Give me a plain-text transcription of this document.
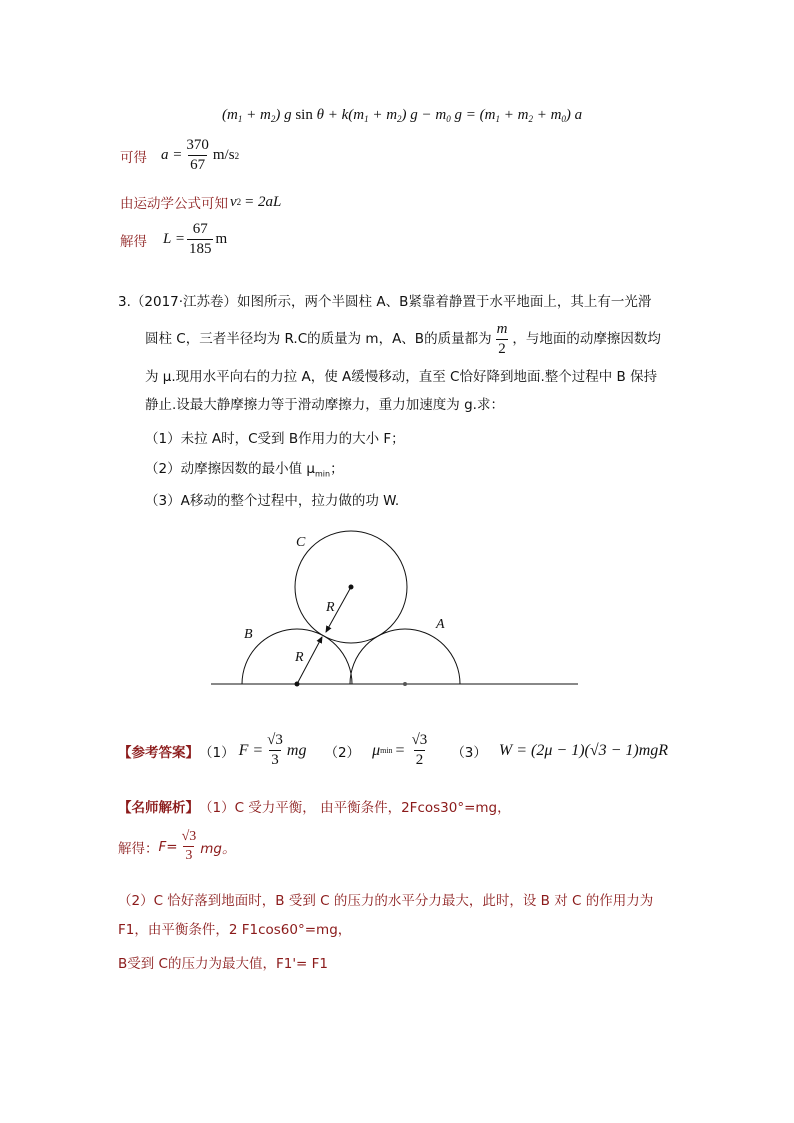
$(m_1 + m_2)$ g $\sin \theta + k(m_1 + m_2) g - m_0$ $g = (m_1 + m_2 + m_0)$ a
可得 $a = \frac{370}{67} m/s$ 2
由运动学公式可知 v 2 = 2aL
解得 $L = \frac{67}{185}$ m
3.（2017·江苏卷）如图所示，两个半圆柱 A、B紧靠着静置于水平地面上，其上有一光滑
圆柱 C，三者半径均为 R.C的质量为 m，A、B的质量都为 $\frac{m}{2}$ ，与地面的动摩擦因数均
为 μ.现用水平向右的力拉 A，使 A缓慢移动，直至 C恰好降到地面.整个过程中 B 保持
静止.设最大静摩擦力等于滑动摩擦力，重力加速度为 g.求：
（1）未拉 A时，C受到 B作用力的大小 F；
（2）动摩擦因数的最小值 $\mu_{min}$；
（3）A移动的整个过程中，拉力做的功 W.
C
B
A
R
R
【参考答案】 （1） $F = \frac{√3}{3}$ mg （2） μ $\min = \frac{√3}{2} (3) W = (2\mu - 1)(√3 - 1)mgR$
【名师解析】 （1）C 受力平衡， 由平衡条件，2Fcos30°=mg，
解得： $F= \frac{√3}{3}$ mg。
（2）C 恰好落到地面时，B 受到 C 的压力的水平分力最大，此时，设 B 对 C 的作用力为
F1，由平衡条件，2 F1cos60°=mg，
B受到 C的压力为最大值，F1'= F1
